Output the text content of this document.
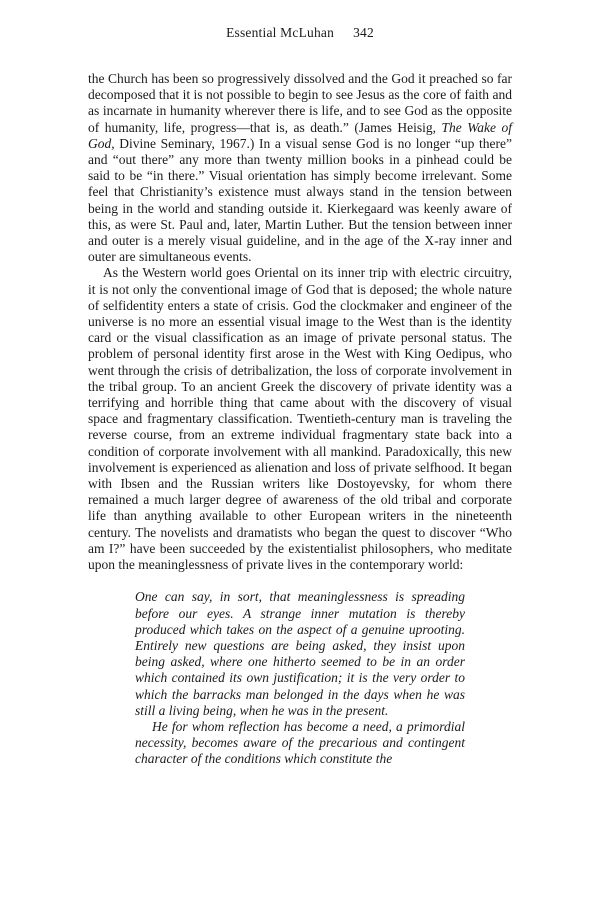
Essential McLuhan 342

the Church has been so progressively dissolved and the God it preached so far decomposed that it is not possible to begin to see Jesus as the core of faith and as incarnate in humanity wherever there is life, and to see God as the opposite of humanity, life, progress—that is, as death.” (James Heisig, The Wake of God, Divine Seminary, 1967.) In a visual sense God is no longer “up there” and “out there” any more than twenty million books in a pinhead could be said to be “in there.” Visual orientation has simply become irrelevant. Some feel that Christianity’s existence must always stand in the tension between being in the world and standing outside it. Kierkegaard was keenly aware of this, as were St. Paul and, later, Martin Luther. But the tension between inner and outer is a merely visual guideline, and in the age of the X-ray inner and outer are simultaneous events.

As the Western world goes Oriental on its inner trip with electric circuitry, it is not only the conventional image of God that is deposed; the whole nature of selfidentity enters a state of crisis. God the clockmaker and engineer of the universe is no more an essential visual image to the West than is the identity card or the visual classification as an image of private personal status. The problem of personal identity first arose in the West with King Oedipus, who went through the crisis of detribalization, the loss of corporate involvement in the tribal group. To an ancient Greek the discovery of private identity was a terrifying and horrible thing that came about with the discovery of visual space and fragmentary classification. Twentieth-century man is traveling the reverse course, from an extreme individual fragmentary state back into a condition of corporate involvement with all mankind. Paradoxically, this new involvement is experienced as alienation and loss of private selfhood. It began with Ibsen and the Russian writers like Dostoyevsky, for whom there remained a much larger degree of awareness of the old tribal and corporate life than anything available to other European writers in the nineteenth century. The novelists and dramatists who began the quest to discover “Who am I?” have been succeeded by the existentialist philosophers, who meditate upon the meaninglessness of private lives in the contemporary world:

One can say, in sort, that meaninglessness is spreading before our eyes. A strange inner mutation is thereby produced which takes on the aspect of a genuine uprooting. Entirely new questions are being asked, they insist upon being asked, where one hitherto seemed to be in an order which contained its own justification; it is the very order to which the barracks man belonged in the days when he was still a living being, when he was in the present.

He for whom reflection has become a need, a primordial necessity, becomes aware of the precarious and contingent character of the conditions which constitute the
